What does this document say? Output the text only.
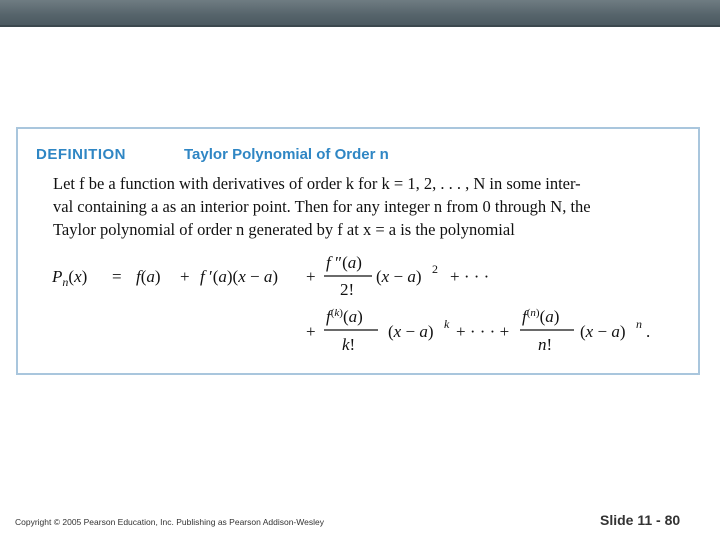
DEFINITION	Taylor Polynomial of Order n
Let f be a function with derivatives of order k for k = 1, 2, . . . , N in some inter-
val containing a as an interior point. Then for any integer n from 0 through N, the
Taylor polynomial of order n generated by f at x = a is the polynomial
$P_n(x) = f(a) + f$ ′(a)(x − a) +
f ″(a)
2!
(x − a) 2 + · · ·
+
f(k)(a)
k!
(x − a) k + · · · +
f(n)(a)
n!
(x − a) n .
Copyright © 2005 Pearson Education, Inc. Publishing as Pearson Addison-Wesley	Slide 11 - 80
